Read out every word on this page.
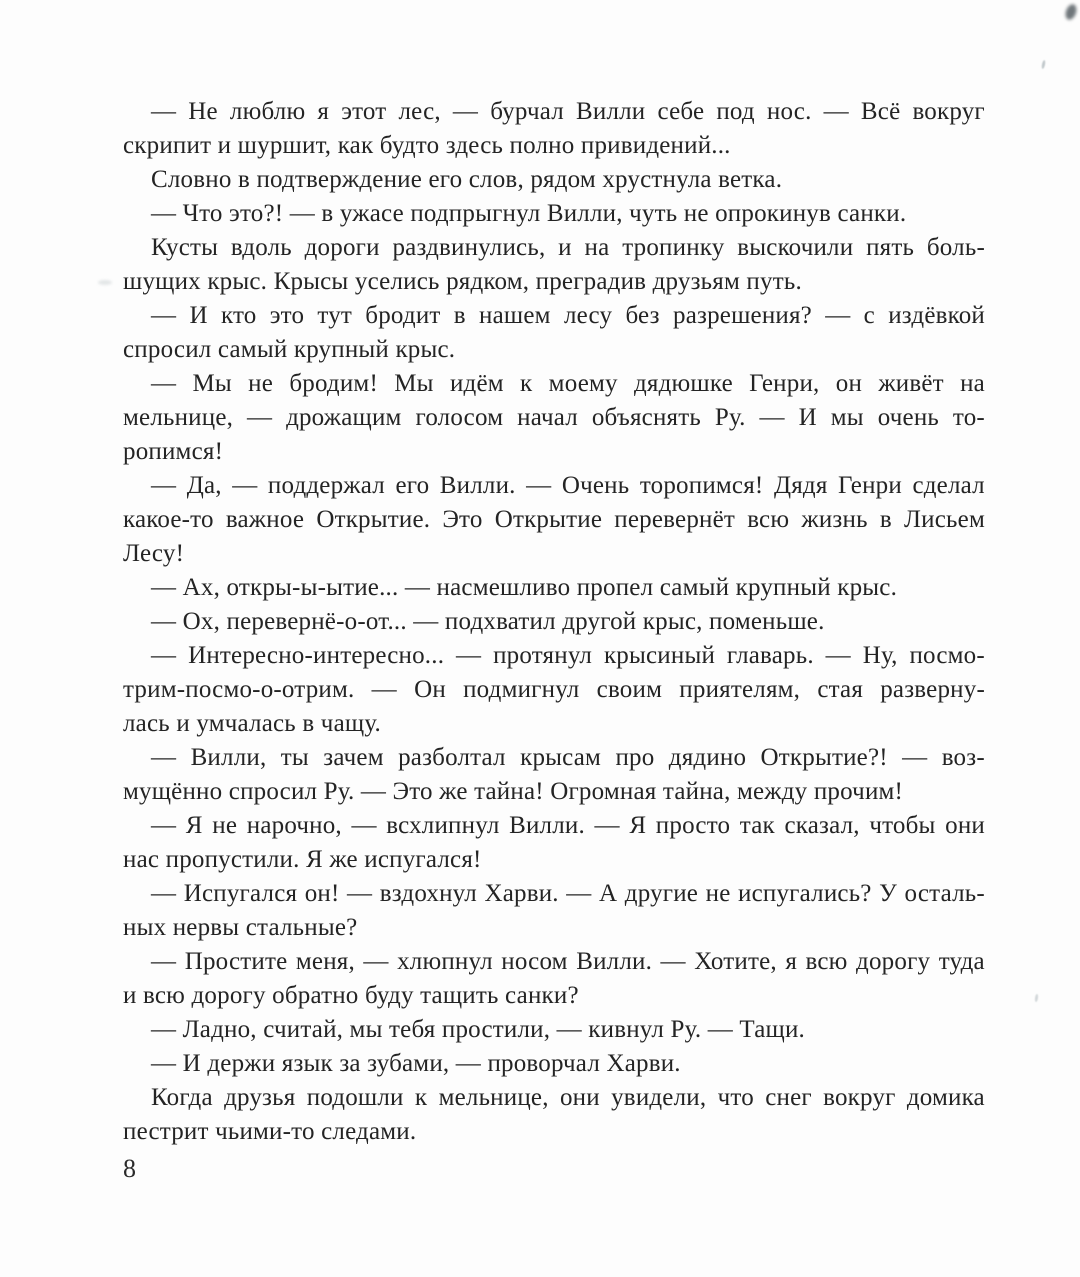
— Не люблю я этот лес, — бурчал Вилли себе под нос. — Всё вокруг
скрипит и шуршит, как будто здесь полно привидений...
Словно в подтверждение его слов, рядом хрустнула ветка.
— Что это?! — в ужасе подпрыгнул Вилли, чуть не опрокинув санки.
Кусты вдоль дороги раздвинулись, и на тропинку выскочили пять боль-
шущих крыс. Крысы уселись рядком, преградив друзьям путь.
— И кто это тут бродит в нашем лесу без разрешения? — с издёвкой
спросил самый крупный крыс.
— Мы не бродим! Мы идём к моему дядюшке Генри, он живёт на
мельнице, — дрожащим голосом начал объяснять Ру. — И мы очень то-
ропимся!
— Да, — поддержал его Вилли. — Очень торопимся! Дядя Генри сделал
какое-то важное Открытие. Это Открытие перевернёт всю жизнь в Лисьем
Лесу!
— Ах, откры-ы-ытие... — насмешливо пропел самый крупный крыс.
— Ох, перевернё-о-от... — подхватил другой крыс, поменьше.
— Интересно-интересно... — протянул крысиный главарь. — Ну, посмо-
трим-посмо-о-отрим. — Он подмигнул своим приятелям, стая разверну-
лась и умчалась в чащу.
— Вилли, ты зачем разболтал крысам про дядино Открытие?! — воз-
мущённо спросил Ру. — Это же тайна! Огромная тайна, между прочим!
— Я не нарочно, — всхлипнул Вилли. — Я просто так сказал, чтобы они
нас пропустили. Я же испугался!
— Испугался он! — вздохнул Харви. — А другие не испугались? У осталь-
ных нервы стальные?
— Простите меня, — хлюпнул носом Вилли. — Хотите, я всю дорогу туда
и всю дорогу обратно буду тащить санки?
— Ладно, считай, мы тебя простили, — кивнул Ру. — Тащи.
— И держи язык за зубами, — проворчал Харви.
Когда друзья подошли к мельнице, они увидели, что снег вокруг домика
пестрит чьими-то следами.
8
